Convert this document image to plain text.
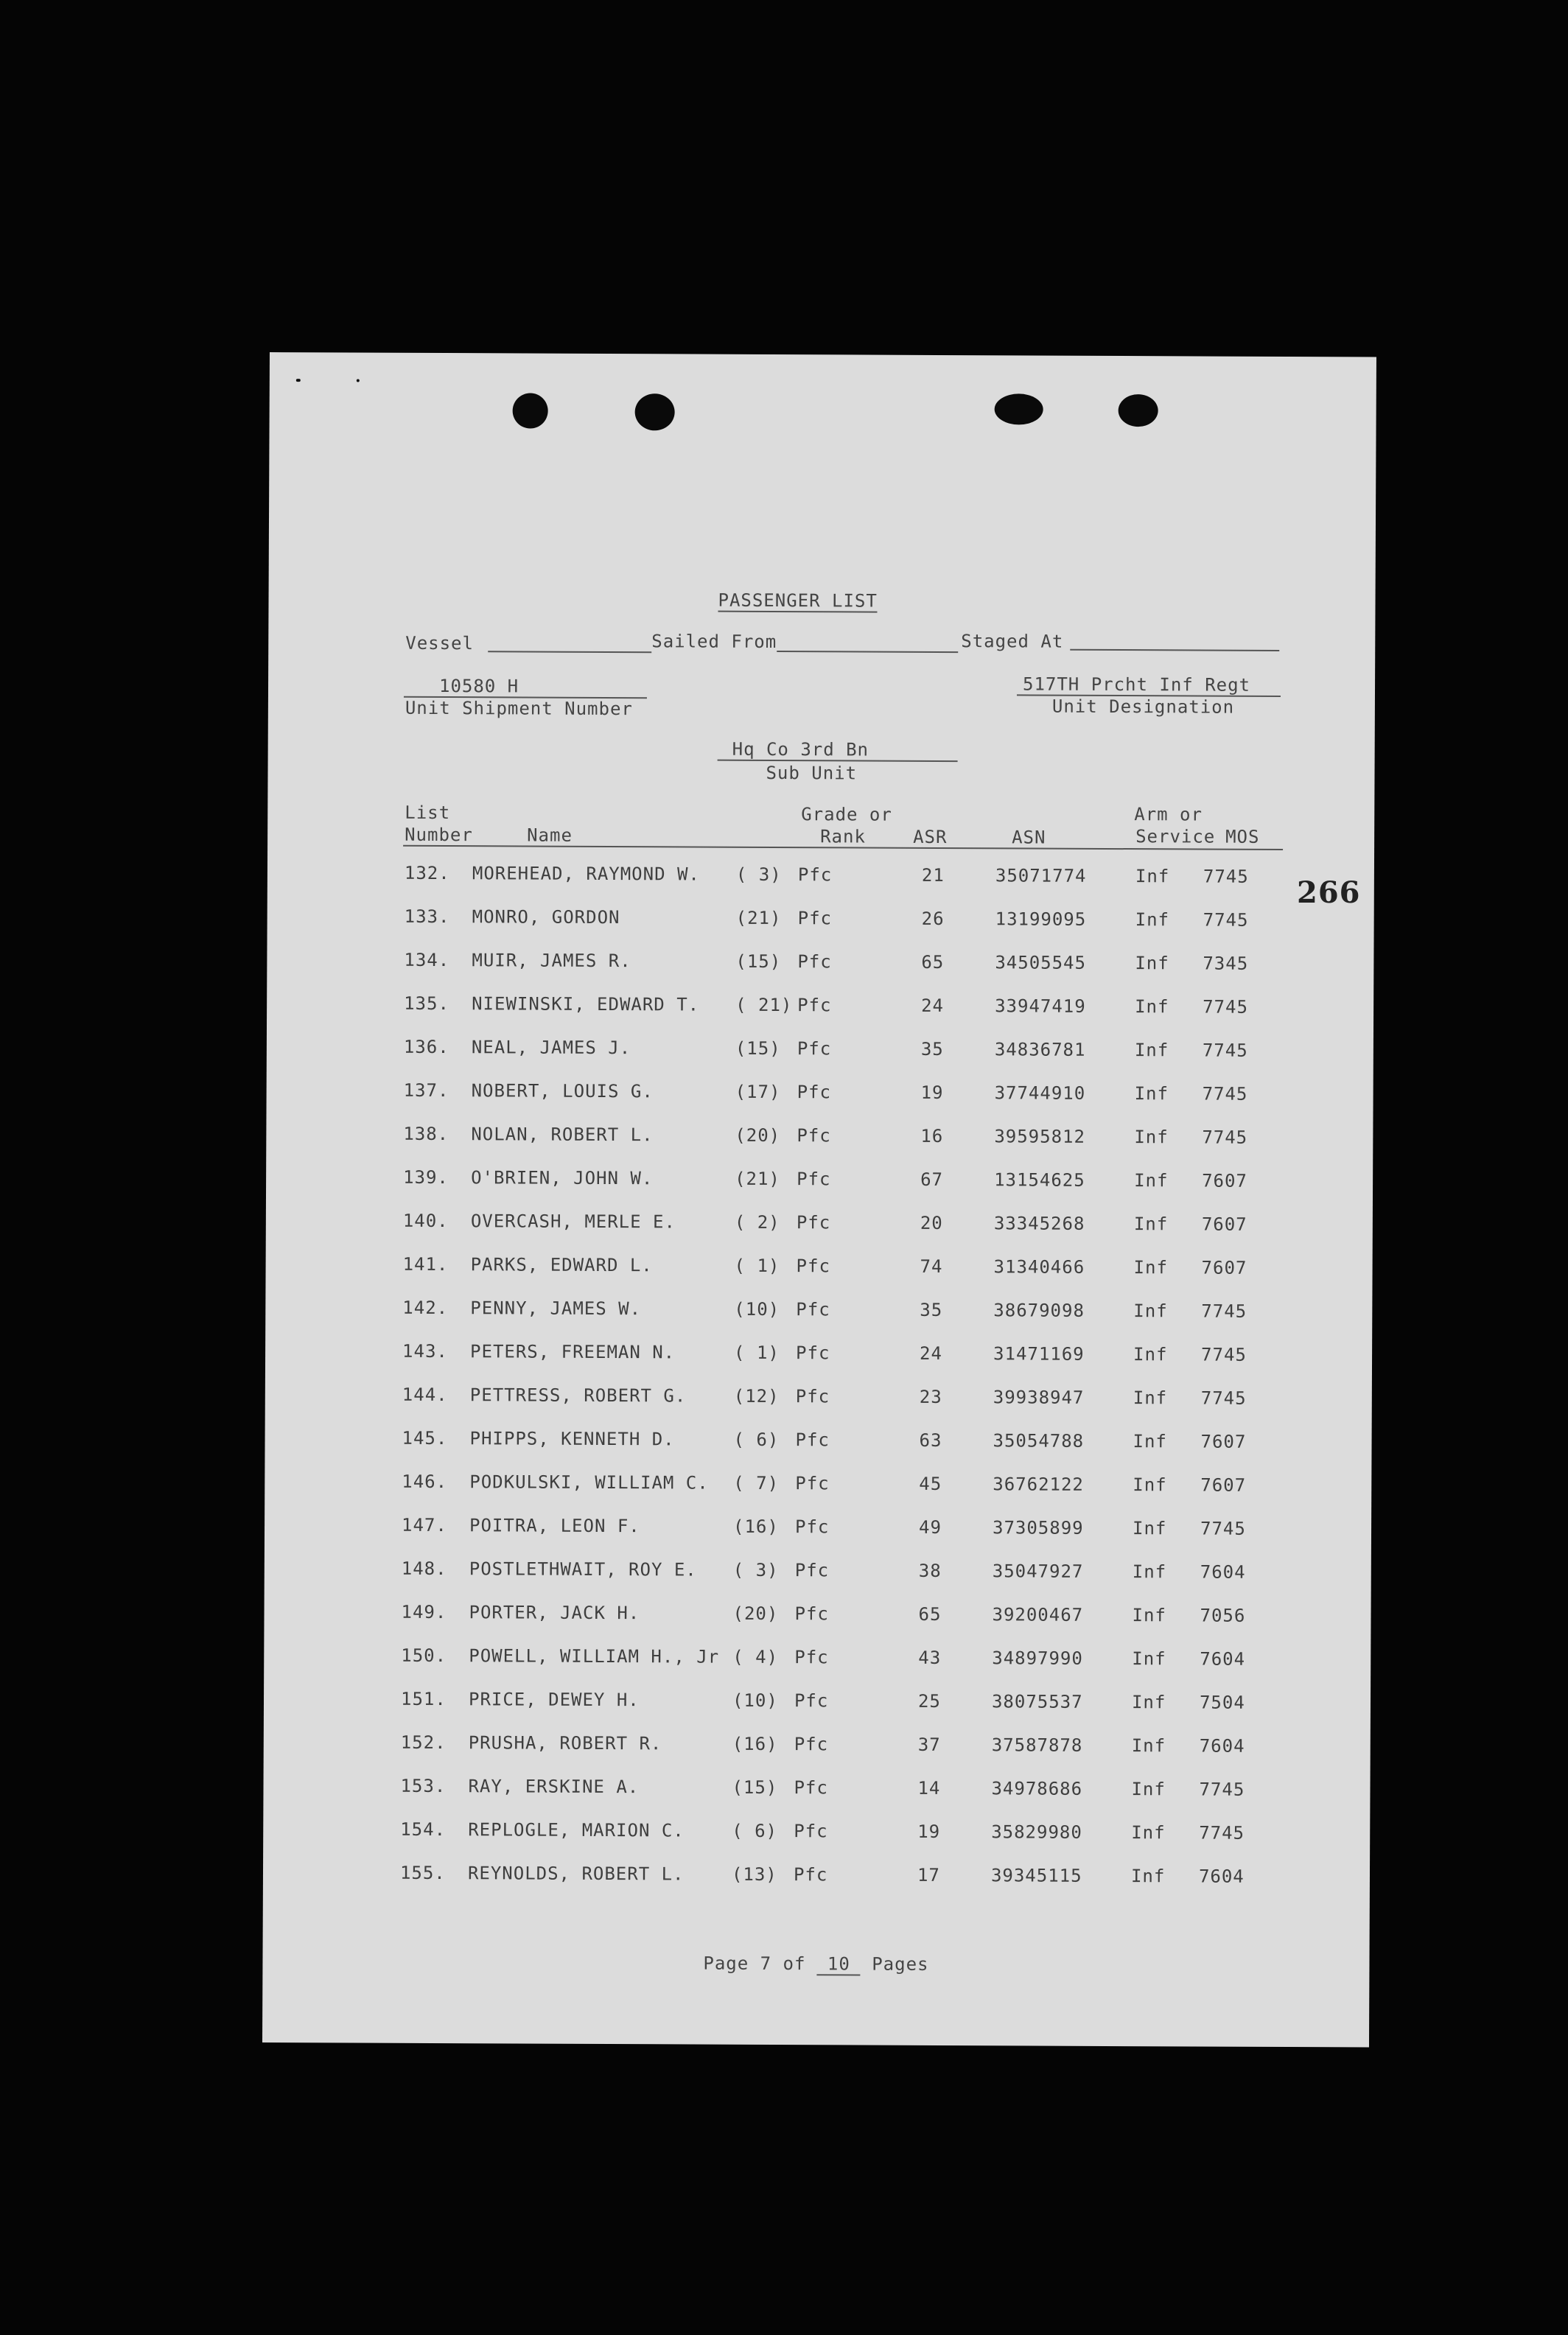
PASSENGER LIST
Vessel	Sailed From	Staged At
10580 H
Unit Shipment Number
517TH Prcht Inf Regt
Unit Designation
Hq Co 3rd Bn
Sub Unit
List
Number	Name
Grade or
Rank	ASR	ASN
Arm or
Service MOS
132. MOREHEAD, RAYMOND W. ( 3) Pfc	21	35071774	Inf 7745
133. MONRO, GORDON	(21) Pfc	26	13199095	Inf 7745
134. MUIR, JAMES R.	(15) Pfc	65	34505545	Inf 7345
135. NIEWINSKI, EDWARD T. ( 21) Pfc	24	33947419	Inf 7745
136. NEAL, JAMES J.	(15) Pfc	35	34836781	Inf 7745
137. NOBERT, LOUIS G.	(17) Pfc	19	37744910	Inf 7745
138. NOLAN, ROBERT L.	(20) Pfc	16	39595812	Inf 7745
139. O'BRIEN, JOHN W.	(21) Pfc	67	13154625	Inf 7607
140. OVERCASH, MERLE E.	( 2) Pfc	20	33345268	Inf 7607
141. PARKS, EDWARD L.	( 1) Pfc	74	31340466	Inf 7607
142. PENNY, JAMES W.	(10) Pfc	35	38679098	Inf 7745
143. PETERS, FREEMAN N.	( 1) Pfc	24	31471169	Inf 7745
144. PETTRESS, ROBERT G.	(12) Pfc	23	39938947	Inf 7745
145. PHIPPS, KENNETH D.	( 6) Pfc	63	35054788	Inf 7607
146. PODKULSKI, WILLIAM C. ( 7) Pfc	45	36762122	Inf 7607
147. POITRA, LEON F.	(16) Pfc	49	37305899	Inf 7745
148. POSTLETHWAIT, ROY E. ( 3) Pfc	38	35047927	Inf 7604
149. PORTER, JACK H.	(20) Pfc	65	39200467	Inf 7056
150. POWELL, WILLIAM H., Jr ( 4) Pfc	43	34897990	Inf 7604
151. PRICE, DEWEY H.	(10) Pfc	25	38075537	Inf 7504
152. PRUSHA, ROBERT R.	(16) Pfc	37	37587878	Inf 7604
153. RAY, ERSKINE A.	(15) Pfc	14	34978686	Inf 7745
154. REPLOGLE, MARION C.	( 6) Pfc	19	35829980	Inf 7745
155. REYNOLDS, ROBERT L.	(13) Pfc	17	39345115	Inf 7604
Page 7 of 10 Pages
266
